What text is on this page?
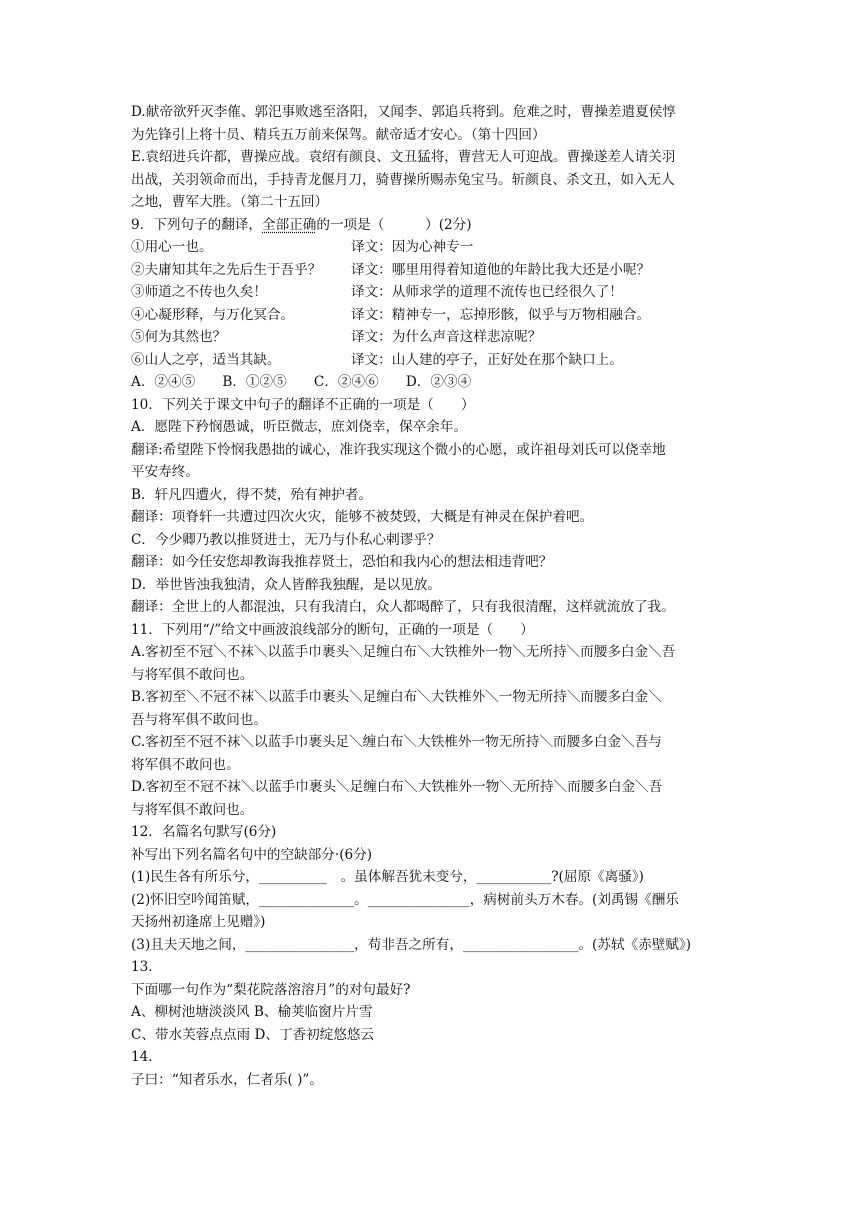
D.献帝欲歼灭李傕、郭汜事败逃至洛阳，又闻李、郭追兵将到。危难之时，曹操差遣夏侯惇
为先锋引上将十员、精兵五万前来保驾。献帝适才安心。（第十四回）
E.袁绍进兵许都，曹操应战。袁绍有颜良、文丑猛将，曹营无人可迎战。曹操遂差人请关羽
出战，关羽领命而出，手持青龙偃月刀，骑曹操所赐赤兔宝马。斩颜良、杀文丑，如入无人
之地，曹军大胜。（第二十五回）
9．下列句子的翻译，全部正确的一项是（　　　）(2分)
①用心一也。	译文：因为心神专一
②夫庸知其年之先后生于吾乎？	译文：哪里用得着知道他的年龄比我大还是小呢？
③师道之不传也久矣！	译文：从师求学的道理不流传也已经很久了！
④心凝形释，与万化冥合。	译文：精神专一，忘掉形骸，似乎与万物相融合。
⑤何为其然也？	译文：为什么声音这样悲凉呢？
⑥山人之亭，适当其缺。	译文：山人建的亭子，正好处在那个缺口上。
A．②④⑤　　B．①②⑤　　C．②④⑥　　D．②③④
10．下列关于课文中句子的翻译不正确的一项是（　　）
A．愿陛下矜悯愚诚，听臣微志，庶刘侥幸，保卒余年。
翻译:希望陛下怜悯我愚拙的诚心，准许我实现这个微小的心愿，或许祖母刘氏可以侥幸地
平安寿终。
B．轩凡四遭火，得不焚，殆有神护者。
翻译：项脊轩一共遭过四次火灾，能够不被焚毁，大概是有神灵在保护着吧。
C．今少卿乃教以推贤进士，无乃与仆私心剌谬乎？
翻译：如今任安您却教诲我推荐贤士，恐怕和我内心的想法相违背吧？
D．举世皆浊我独清，众人皆醉我独醒，是以见放。
翻译：全世上的人都混浊，只有我清白，众人都喝醉了，只有我很清醒，这样就流放了我。
11．下列用“/”给文中画波浪线部分的断句，正确的一项是（　　）
A.客初至不冠＼不袜＼以蓝手巾裹头＼足缠白布＼大铁椎外一物＼无所持＼而腰多白金＼吾
与将军俱不敢问也。
B.客初至＼不冠不袜＼以蓝手巾裹头＼足缠白布＼大铁椎外＼一物无所持＼而腰多白金＼
吾与将军俱不敢问也。
C.客初至不冠不袜＼以蓝手巾裹头足＼缠白布＼大铁椎外一物无所持＼而腰多白金＼吾与
将军俱不敢问也。
D.客初至不冠不袜＼以蓝手巾裹头＼足缠白布＼大铁椎外一物＼无所持＼而腰多白金＼吾
与将军俱不敢问也。
12．名篇名句默写(6分)
补写出下列名篇名句中的空缺部分·(6分)
(1)民生各有所乐兮，__________　。虽体解吾犹未变兮，___________?(屈原《离骚》)
(2)怀旧空吟闻笛赋，______________。_______________，病树前头万木春。(刘禹锡《酬乐
天扬州初逢席上见赠》)
(3)且夫天地之间，________________，苟非吾之所有，_________________。(苏轼《赤壁赋》)
13.
下面哪一句作为“梨花院落溶溶月”的对句最好?
A、柳树池塘淡淡风 B、榆荚临窗片片雪
C、带水芙蓉点点雨 D、丁香初绽悠悠云
14.
子曰：“知者乐水，仁者乐( )”。
